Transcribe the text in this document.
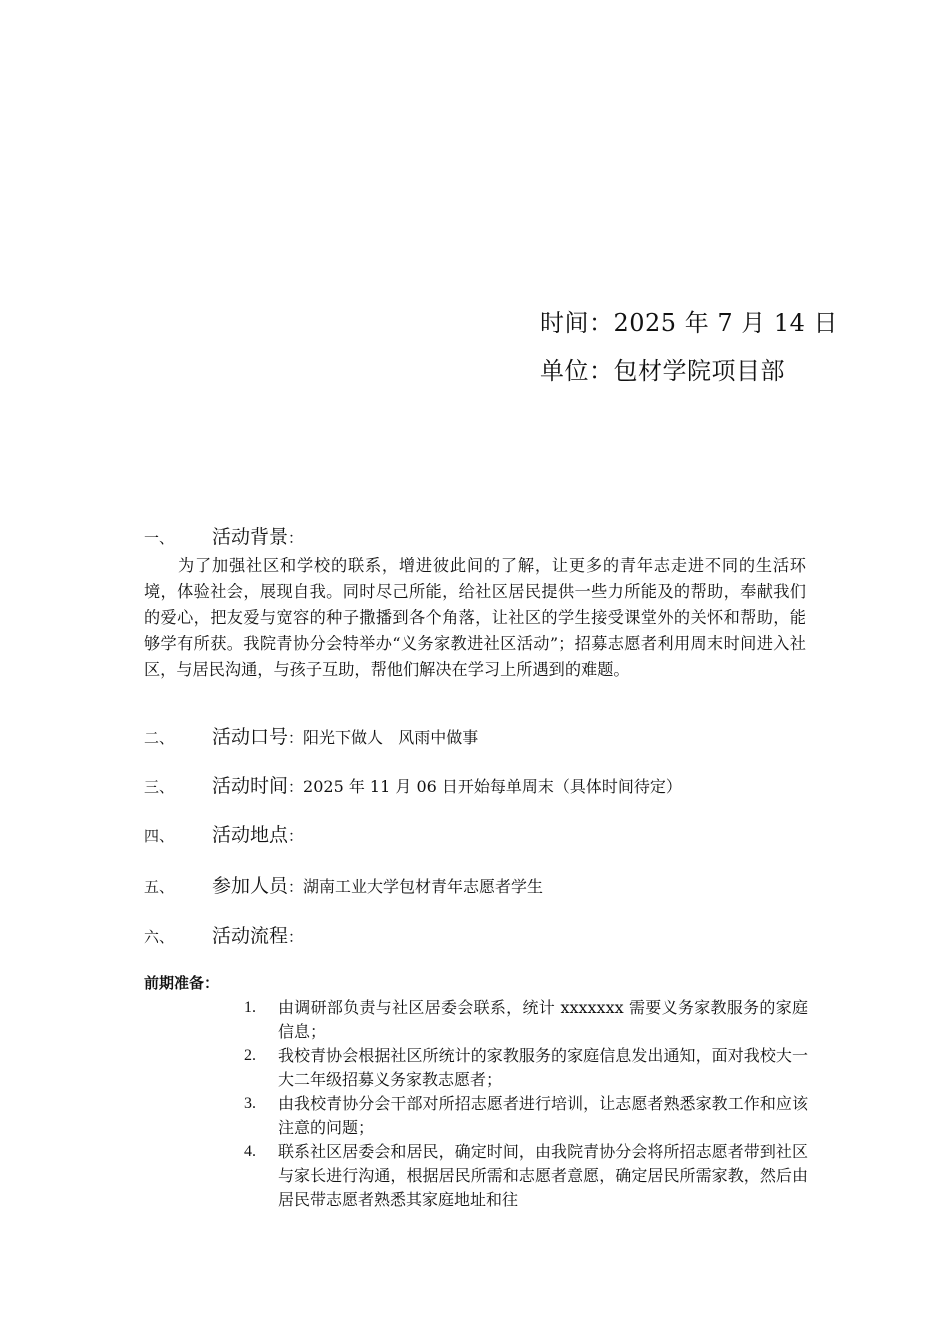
时间：2025 年 7 月 14 日
单位：包材学院项目部
一、	活动背景 ：

为了加强社区和学校的联系，增进彼此间的了解，让更多的青年志走进不同的生活环境，体验社会，展现自我。同时尽己所能，给社区居民提供一些力所能及的帮助，奉献我们的爱心，把友爱与宽容的种子撒播到各个角落，让社区的学生接受课堂外的关怀和帮助，能够学有所获。我院青协分会特举办“义务家教进社区活动”；招募志愿者利用周末时间进入社区，与居民沟通，与孩子互助，帮他们解决在学习上所遇到的难题。

二、	活动口号 ： 阳光下做人   风雨中做事
三、	活动时间 ： 2025 年 11 月 06 日开始每单周末（具体时间待定）
四、	活动地点 ：
五、	参加人员 ： 湖南工业大学包材青年志愿者学生
六、	活动流程 ：
前期准备：
1.	由调研部负责与社区居委会联系，统计 xxxxxxx 需要义务家教服务的家庭信息；
2.	我校青协会根据社区所统计的家教服务的家庭信息发出通知，面对我校大一大二年级招募义务家教志愿者；
3.	由我校青协分会干部对所招志愿者进行培训，让志愿者熟悉家教工作和应该注意的问题；
4.	联系社区居委会和居民，确定时间，由我院青协分会将所招志愿者带到社区与家长进行沟通，根据居民所需和志愿者意愿，确定居民所需家教，然后由居民带志愿者熟悉其家庭地址和往
